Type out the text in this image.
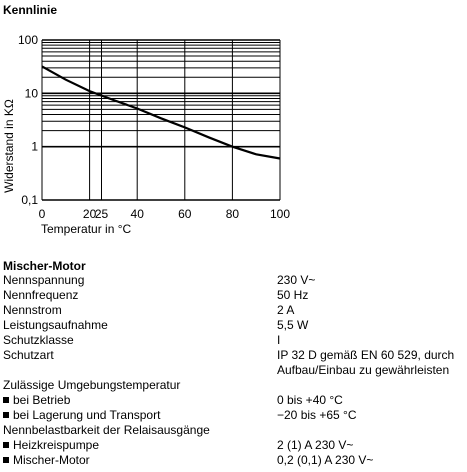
Kennlinie
0,1
1
10
100
0	20
25 40	60	80	100
Widerstand in KΩ
Temperatur in °C
Mischer-Motor
Nennspannung	230 V~
Nennfrequenz	50 Hz
Nennstrom	2 A
Leistungsaufnahme	5,5 W
Schutzklasse	I
Schutzart	IP 32 D gemäß EN 60 529, durch
Aufbau/Einbau zu gewährleisten
Zulässige Umgebungstemperatur
bei Betrieb	0 bis +40 °C
bei Lagerung und Transport	−20 bis +65 °C
Nennbelastbarkeit der Relaisausgänge
Heizkreispumpe	2 (1) A 230 V~
Mischer-Motor	0,2 (0,1) A 230 V~
